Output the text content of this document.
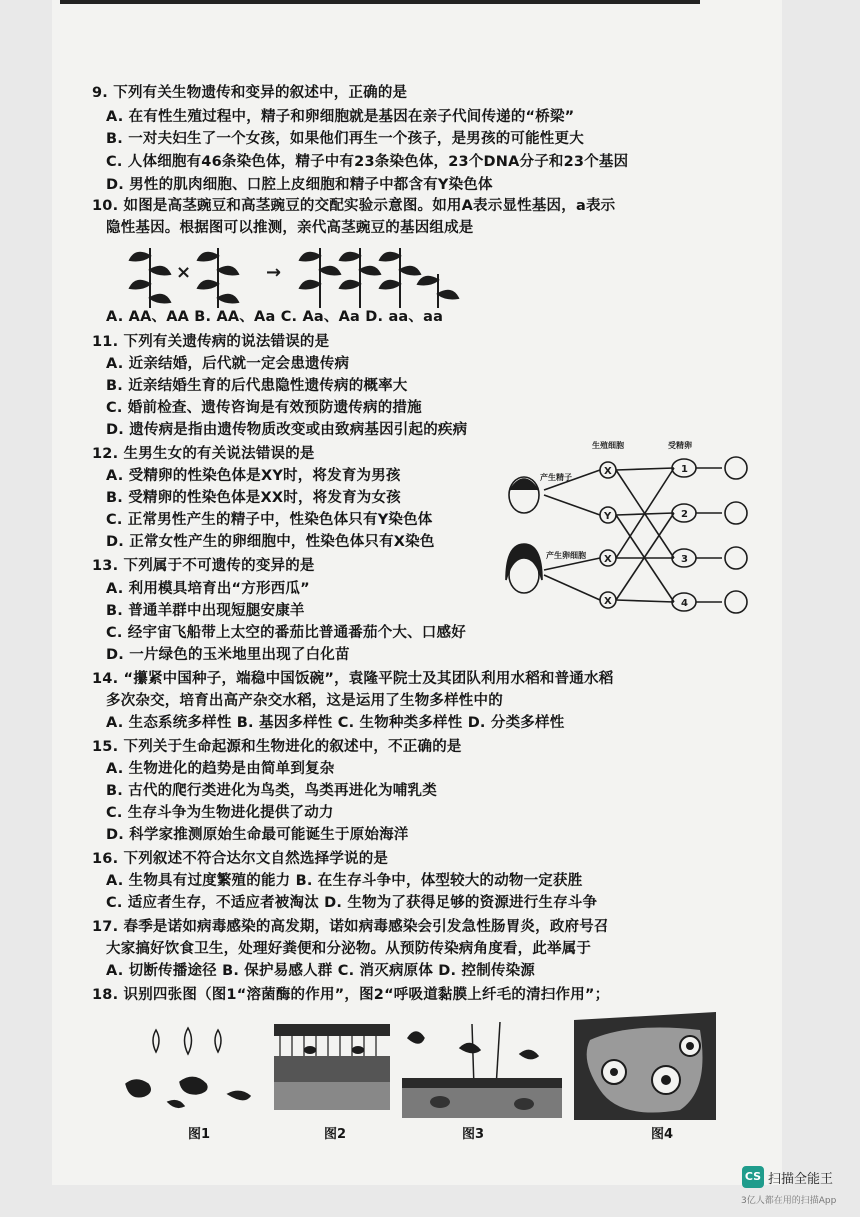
9. 下列有关生物遗传和变异的叙述中，正确的是
A. 在有性生殖过程中，精子和卵细胞就是基因在亲子代间传递的“桥梁”
B. 一对夫妇生了一个女孩，如果他们再生一个孩子，是男孩的可能性更大
C. 人体细胞有46条染色体，精子中有23条染色体，23个DNA分子和23个基因
D. 男性的肌肉细胞、口腔上皮细胞和精子中都含有Y染色体
10. 如图是高茎豌豆和高茎豌豆的交配实验示意图。如用A表示显性基因，a表示
隐性基因。根据图可以推测，亲代高茎豌豆的基因组成是
×	→
A. AA、AA B. AA、Aa C. Aa、Aa D. aa、aa
11. 下列有关遗传病的说法错误的是
A. 近亲结婚，后代就一定会患遗传病
B. 近亲结婚生育的后代患隐性遗传病的概率大
C. 婚前检查、遗传咨询是有效预防遗传病的措施
D. 遗传病是指由遗传物质改变或由致病基因引起的疾病
12. 生男生女的有关说法错误的是
A. 受精卵的性染色体是XY时，将发育为男孩
B. 受精卵的性染色体是XX时，将发育为女孩
C. 正常男性产生的精子中，性染色体只有Y染色体
D. 正常女性产生的卵细胞中，性染色体只有X染色
生殖细胞	受精卵
产生精子
产生卵细胞
X
Y
X
X
1
2
3
4
13. 下列属于不可遗传的变异的是
A. 利用模具培育出“方形西瓜”
B. 普通羊群中出现短腿安康羊
C. 经宇宙飞船带上太空的番茄比普通番茄个大、口感好
D. 一片绿色的玉米地里出现了白化苗
14. “攥紧中国种子，端稳中国饭碗”，袁隆平院士及其团队利用水稻和普通水稻
多次杂交，培育出高产杂交水稻，这是运用了生物多样性中的
A. 生态系统多样性 B. 基因多样性 C. 生物种类多样性 D. 分类多样性
15. 下列关于生命起源和生物进化的叙述中，不正确的是
A. 生物进化的趋势是由简单到复杂
B. 古代的爬行类进化为鸟类，鸟类再进化为哺乳类
C. 生存斗争为生物进化提供了动力
D. 科学家推测原始生命最可能诞生于原始海洋
16. 下列叙述不符合达尔文自然选择学说的是
A. 生物具有过度繁殖的能力 B. 在生存斗争中，体型较大的动物一定获胜
C. 适应者生存，不适应者被淘汰 D. 生物为了获得足够的资源进行生存斗争
17. 春季是诺如病毒感染的高发期，诺如病毒感染会引发急性肠胃炎，政府号召
大家搞好饮食卫生，处理好粪便和分泌物。从预防传染病角度看，此举属于
A. 切断传播途径 B. 保护易感人群 C. 消灭病原体 D. 控制传染源
18. 识别四张图（图1“溶菌酶的作用”，图2“呼吸道黏膜上纤毛的清扫作用”；
图1	图2	图3	图4
CS 扫描全能王
3亿人都在用的扫描App
